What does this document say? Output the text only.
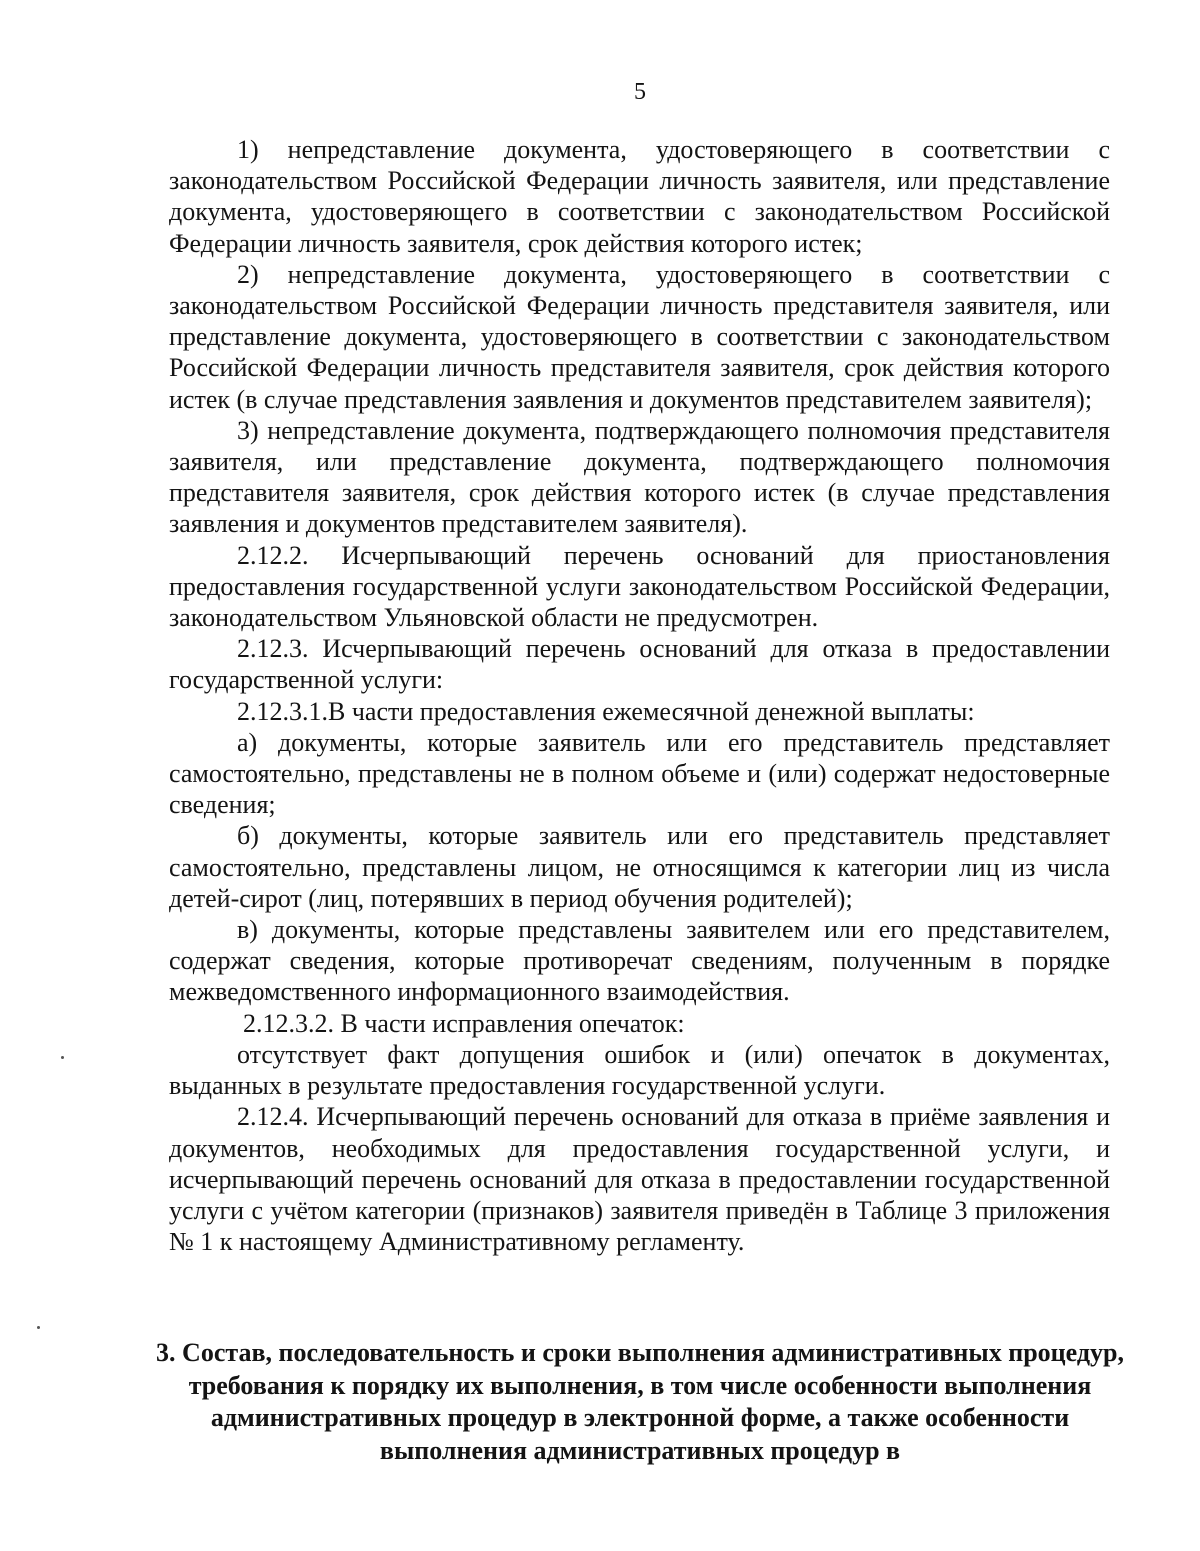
5

1) непредставление документа, удостоверяющего в соответствии с законодательством Российской Федерации личность заявителя, или представление документа, удостоверяющего в соответствии с законодательством Российской Федерации личность заявителя, срок действия которого истек;

2) непредставление документа, удостоверяющего в соответствии с законодательством Российской Федерации личность представителя заявителя, или представление документа, удостоверяющего в соответствии с законодательством Российской Федерации личность представителя заявителя, срок действия которого истек (в случае представления заявления и документов представителем заявителя);

3) непредставление документа, подтверждающего полномочия представителя заявителя, или представление документа, подтверждающего полномочия представителя заявителя, срок действия которого истек (в случае представления заявления и документов представителем заявителя).

2.12.2. Исчерпывающий перечень оснований для приостановления предоставления государственной услуги законодательством Российской Федерации, законодательством Ульяновской области не предусмотрен.

2.12.3. Исчерпывающий перечень оснований для отказа в предоставлении государственной услуги:

2.12.3.1.В части предоставления ежемесячной денежной выплаты:

а) документы, которые заявитель или его представитель представляет самостоятельно, представлены не в полном объеме и (или) содержат недостоверные сведения;

б) документы, которые заявитель или его представитель представляет самостоятельно, представлены лицом, не относящимся к категории лиц из числа детей-сирот (лиц, потерявших в период обучения родителей);

в) документы, которые представлены заявителем или его представителем, содержат сведения, которые противоречат сведениям, полученным в порядке межведомственного информационного взаимодействия.

2.12.3.2. В части исправления опечаток:

отсутствует факт допущения ошибок и (или) опечаток в документах, выданных в результате предоставления государственной услуги.

2.12.4. Исчерпывающий перечень оснований для отказа в приёме заявления и документов, необходимых для предоставления государственной услуги, и исчерпывающий перечень оснований для отказа в предоставлении государственной услуги с учётом категории (признаков) заявителя приведён в Таблице 3 приложения № 1 к настоящему Административному регламенту.

3. Состав, последовательность и сроки выполнения административных процедур, требования к порядку их выполнения, в том числе особенности выполнения административных процедур в электронной форме, а также особенности выполнения административных процедур в
